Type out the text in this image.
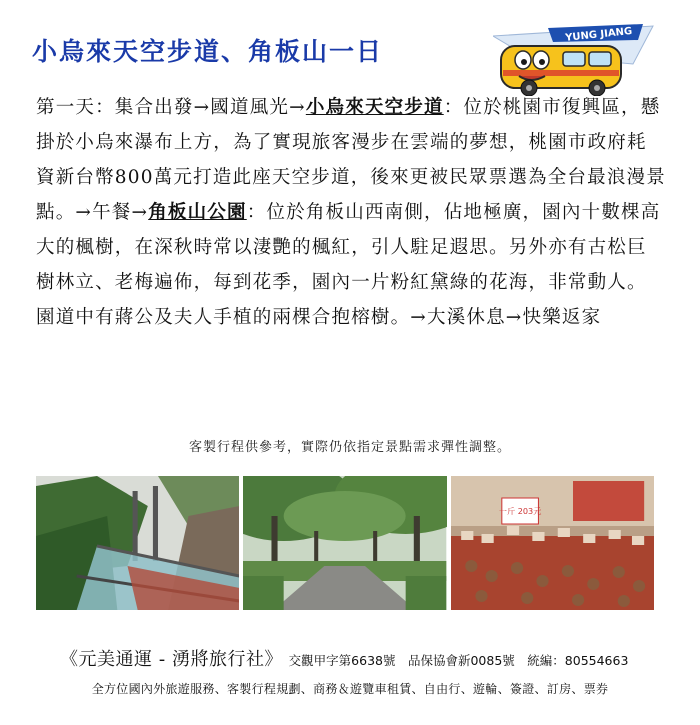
小烏來天空步道、角板山一日
YUNG JIANG
第一天：集合出發→國道風光→小烏來天空步道：位於桃園市復興區，懸掛於小烏來瀑布上方，為了實現旅客漫步在雲端的夢想，桃園市政府耗資新台幣800萬元打造此座天空步道，後來更被民眾票選為全台最浪漫景點。→午餐→角板山公園：位於角板山西南側，佔地極廣，園內十數棵高大的楓樹，在深秋時常以淒艷的楓紅，引人駐足遐思。另外亦有古松巨樹林立、老梅遍佈，每到花季，園內一片粉紅黛綠的花海，非常動人。園道中有蔣公及夫人手植的兩棵合抱榕樹。→大溪休息→快樂返家
客製行程供參考，實際仍依指定景點需求彈性調整。
一斤 203元
《元美通運 - 湧將旅行社》 交觀甲字第6638號　品保協會新0085號　統編：80554663
全方位國內外旅遊服務、客製行程規劃、商務＆遊覽車租賃、自由行、遊輪、簽證、訂房、票券
